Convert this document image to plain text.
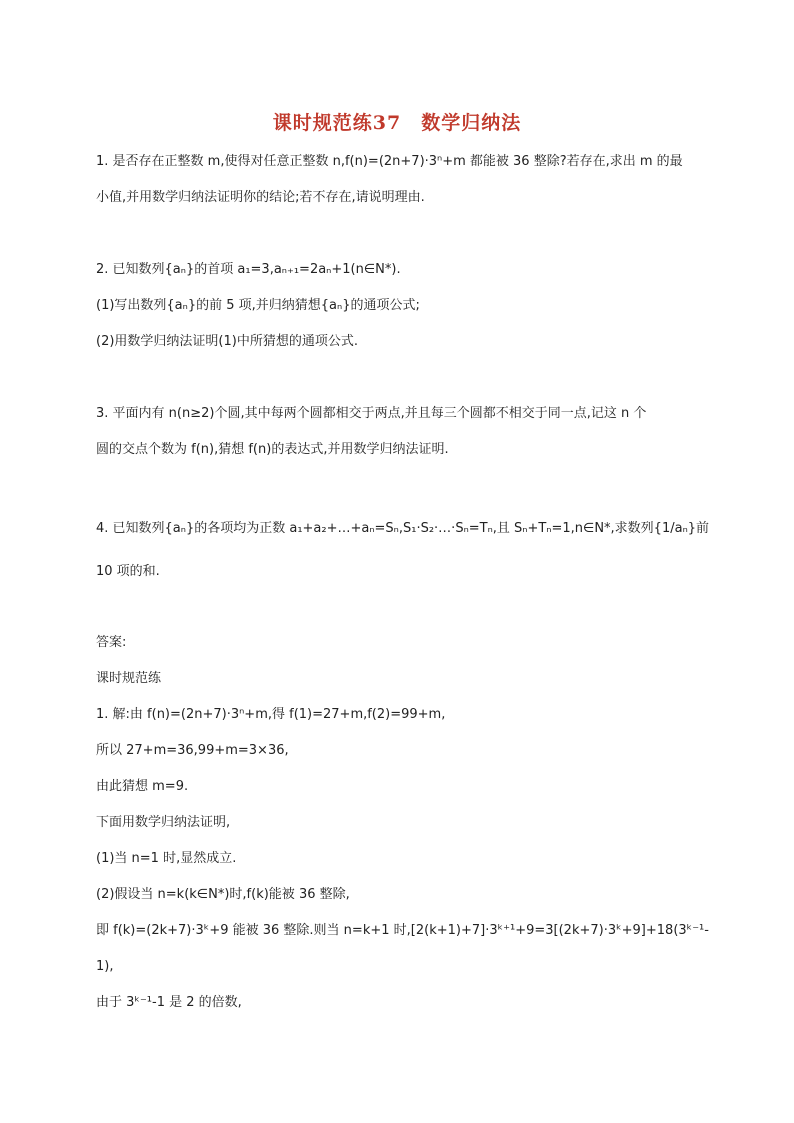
课时规范练37　数学归纳法
1. 是否存在正整数 m,使得对任意正整数 n,f(n)=(2n+7)·3ⁿ+m 都能被 36 整除?若存在,求出 m 的最
小值,并用数学归纳法证明你的结论;若不存在,请说明理由.
2. 已知数列{aₙ}的首项 a₁=3,aₙ₊₁=2aₙ+1(n∈N*).
(1)写出数列{aₙ}的前 5 项,并归纳猜想{aₙ}的通项公式;
(2)用数学归纳法证明(1)中所猜想的通项公式.
3. 平面内有 n(n≥2)个圆,其中每两个圆都相交于两点,并且每三个圆都不相交于同一点,记这 n 个
圆的交点个数为 f(n),猜想 f(n)的表达式,并用数学归纳法证明.
4. 已知数列{aₙ}的各项均为正数 a₁+a₂+…+aₙ=Sₙ,S₁·S₂·…·Sₙ=Tₙ,且 Sₙ+Tₙ=1,n∈N*,求数列{1/aₙ}前
10 项的和.
答案:
课时规范练
1. 解:由 f(n)=(2n+7)·3ⁿ+m,得 f(1)=27+m,f(2)=99+m,
所以 27+m=36,99+m=3×36,
由此猜想 m=9.
下面用数学归纳法证明,
(1)当 n=1 时,显然成立.
(2)假设当 n=k(k∈N*)时,f(k)能被 36 整除,
即 f(k)=(2k+7)·3ᵏ+9 能被 36 整除.则当 n=k+1 时,[2(k+1)+7]·3ᵏ⁺¹+9=3[(2k+7)·3ᵏ+9]+18(3ᵏ⁻¹-
1),
由于 3ᵏ⁻¹-1 是 2 的倍数,
